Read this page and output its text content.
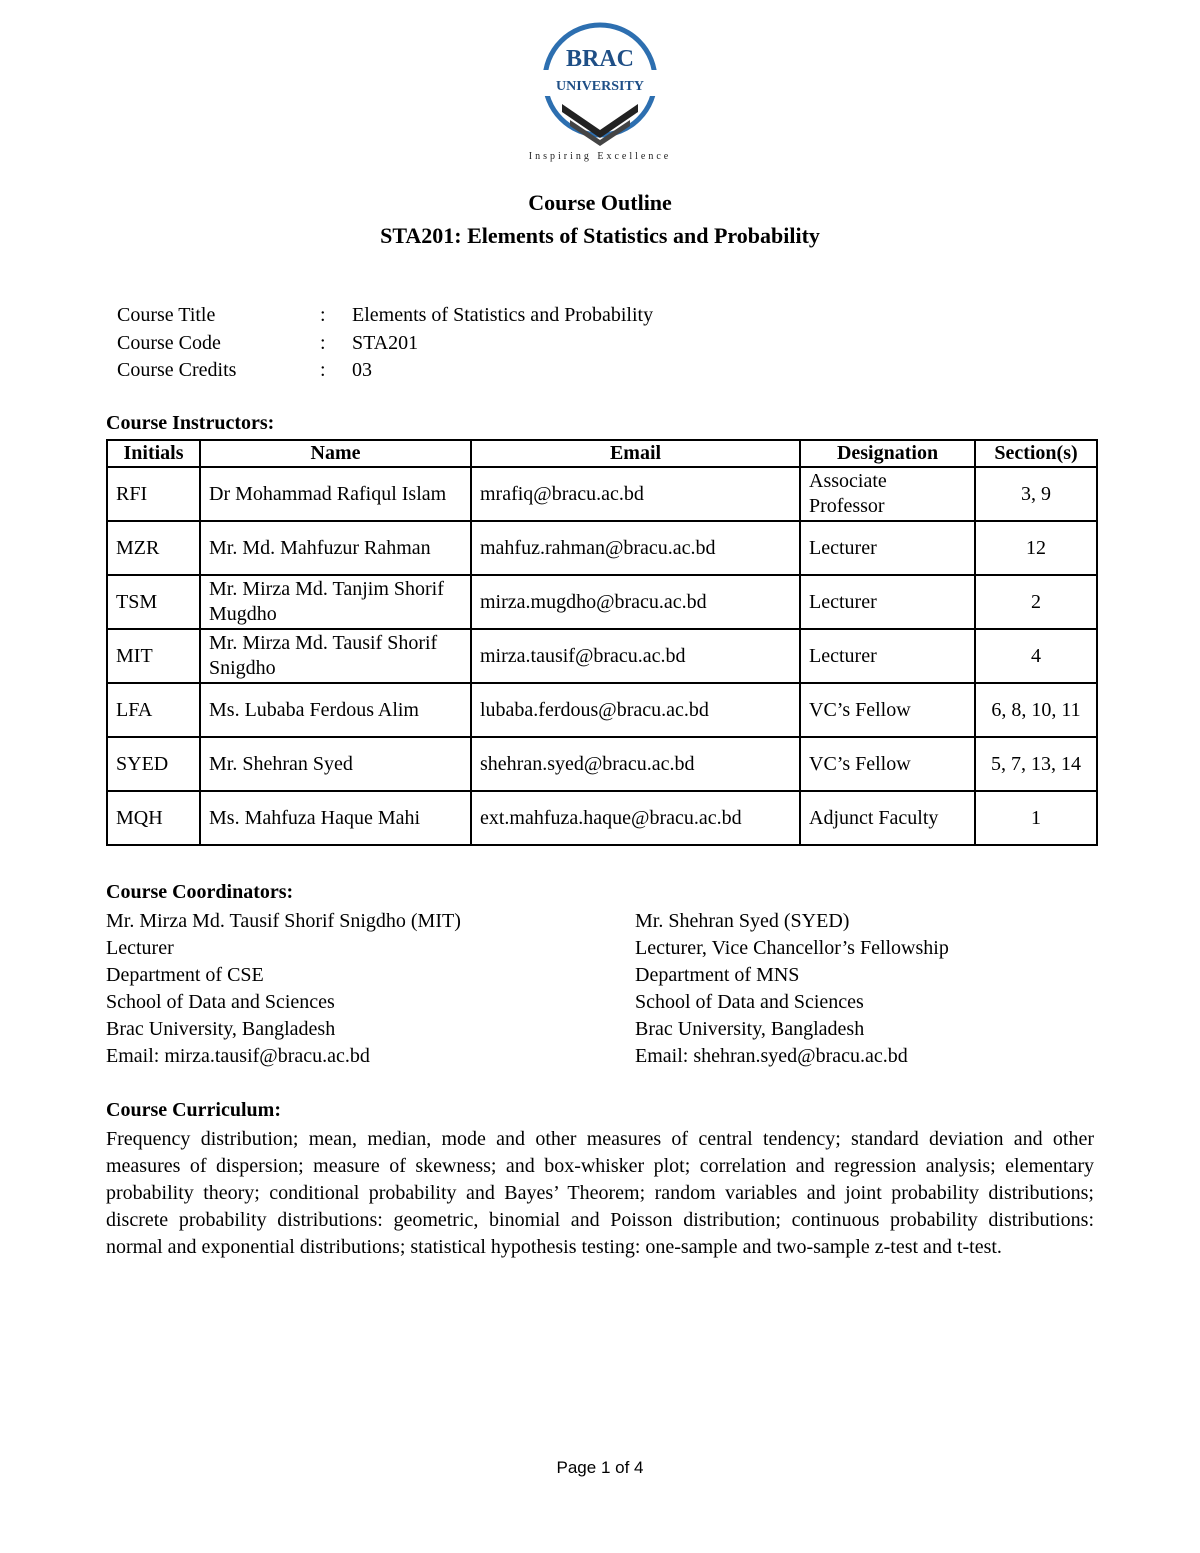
BRAC
UNIVERSITY
Inspiring Excellence
Course Outline
STA201: Elements of Statistics and Probability
Course Title	: Elements of Statistics and Probability
Course Code	: STA201
Course Credits	: 03
Course Instructors:
Initials	Name	Email	Designation	Section(s)
RFI	Dr Mohammad Rafiqul Islam	mrafiq@bracu.ac.bd	Associate Professor	3, 9
MZR	Mr. Md. Mahfuzur Rahman	mahfuz.rahman@bracu.ac.bd	Lecturer	12
TSM	Mr. Mirza Md. Tanjim Shorif Mugdho	mirza.mugdho@bracu.ac.bd	Lecturer	2
MIT	Mr. Mirza Md. Tausif Shorif Snigdho	mirza.tausif@bracu.ac.bd	Lecturer	4
LFA	Ms. Lubaba Ferdous Alim	lubaba.ferdous@bracu.ac.bd	VC’s Fellow	6, 8, 10, 11
SYED	Mr. Shehran Syed	shehran.syed@bracu.ac.bd	VC’s Fellow	5, 7, 13, 14
MQH	Ms. Mahfuza Haque Mahi	ext.mahfuza.haque@bracu.ac.bd	Adjunct Faculty	1
Course Coordinators:
Mr. Mirza Md. Tausif Shorif Snigdho (MIT)
Lecturer
Department of CSE
School of Data and Sciences
Brac University, Bangladesh
Email: mirza.tausif@bracu.ac.bd
Mr. Shehran Syed (SYED)
Lecturer, Vice Chancellor’s Fellowship
Department of MNS
School of Data and Sciences
Brac University, Bangladesh
Email: shehran.syed@bracu.ac.bd
Course Curriculum:
Frequency distribution; mean, median, mode and other measures of central tendency; standard deviation and other measures of dispersion; measure of skewness; and box-whisker plot; correlation and regression analysis; elementary probability theory; conditional probability and Bayes’ Theorem; random variables and joint probability distributions; discrete probability distributions: geometric, binomial and Poisson distribution; continuous probability distributions: normal and exponential distributions; statistical hypothesis testing: one-sample and two-sample z-test and t-test.
Page 1 of 4
